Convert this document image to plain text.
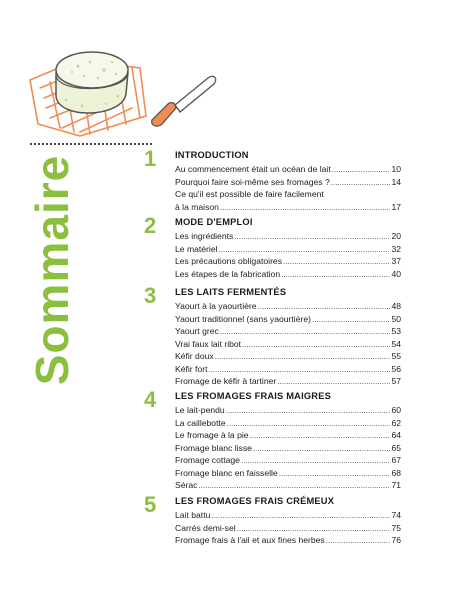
Sommaire	1	INTRODUCTION
Au commencement était un océan de lait .....	10
Pourquoi faire soi-même ses fromages ? .....	14
Ce qu'il est possible de faire facilement
à la maison .....	17
2	MODE D'EMPLOI
Les ingrédients .....	20
Le matériel .....	32
Les précautions obligatoires .....	37
Les étapes de la fabrication .....	40
3	LES LAITS FERMENTÉS
Yaourt à la yaourtière .....	48
Yaourt traditionnel (sans yaourtière) .....	50
Yaourt grec .....	53
Vrai faux lait ribot .....	54
Kéfir doux .....	55
Kéfir fort .....	56
Fromage de kéfir à tartiner .....	57
4	LES FROMAGES FRAIS MAIGRES
Le lait-pendu .....	60
La caillebotte .....	62
Le fromage à la pie .....	64
Fromage blanc lisse .....	65
Fromage cottage .....	67
Fromage blanc en faisselle .....	68
Sérac .....	71
5	LES FROMAGES FRAIS CRÉMEUX
Lait battu .....	74
Carrés demi-sel .....	75
Fromage frais à l'ail et aux fines herbes .....	76
